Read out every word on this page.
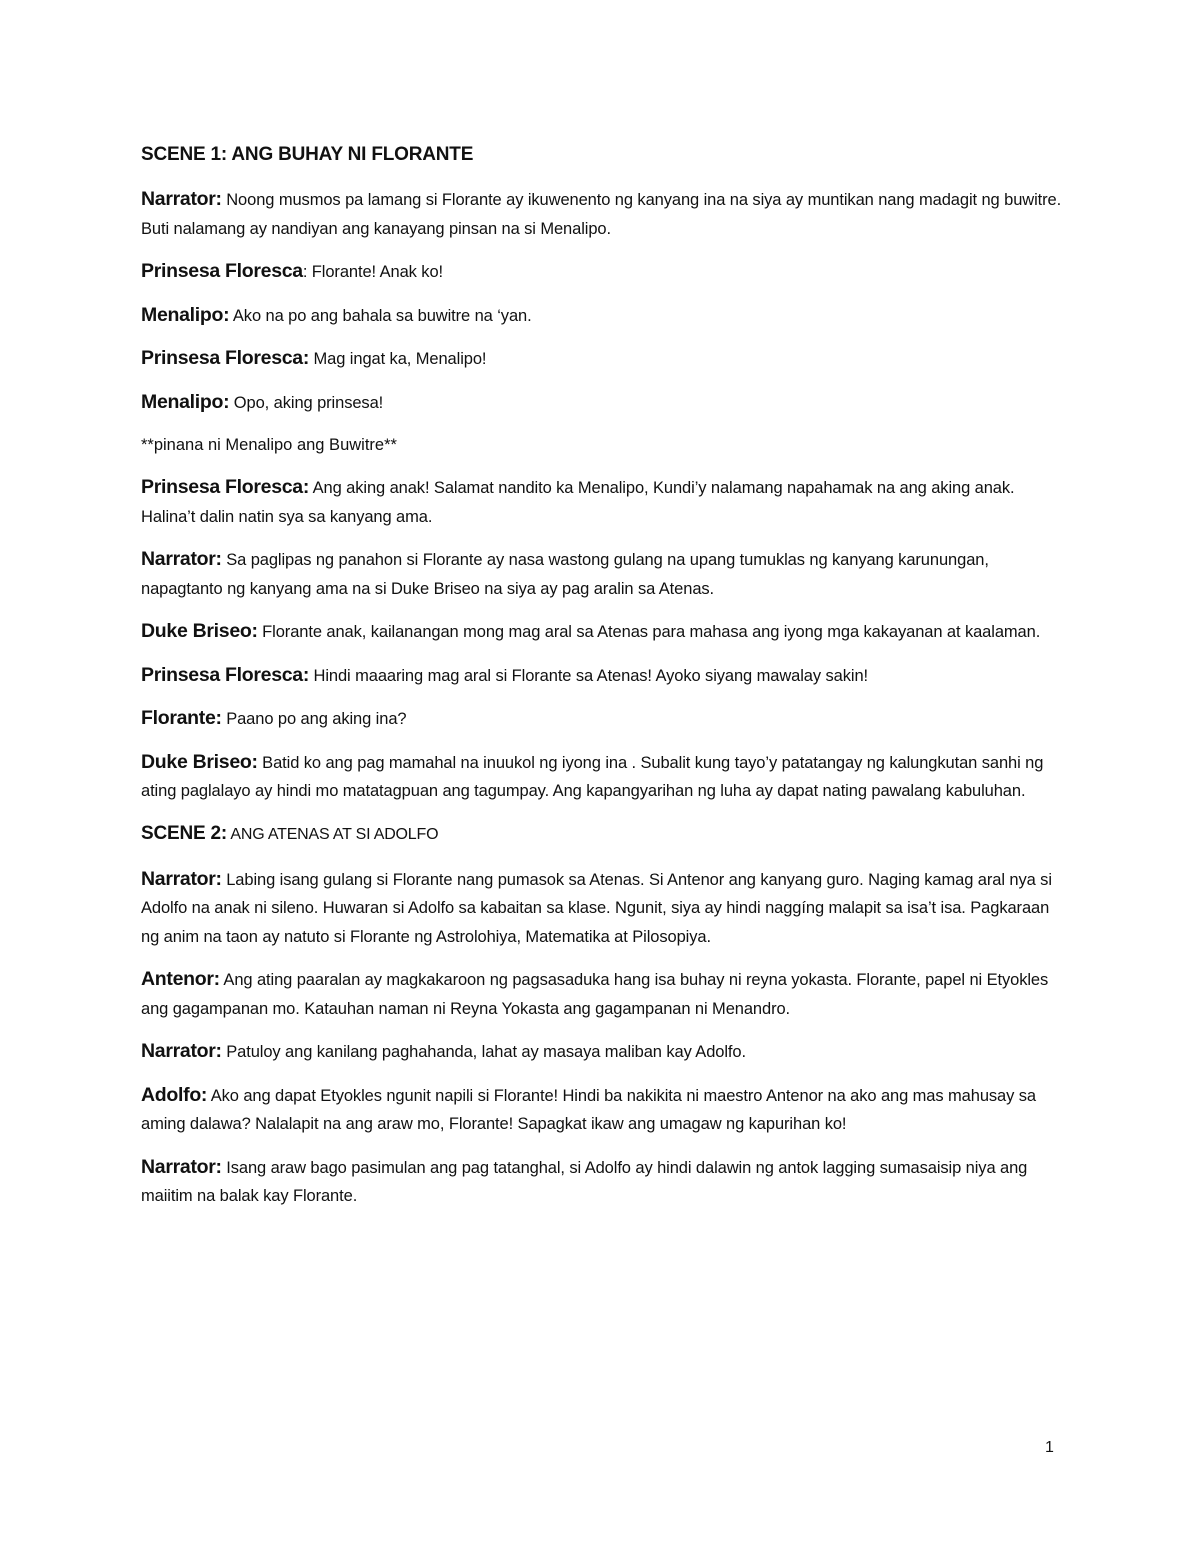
SCENE 1: ANG BUHAY NI FLORANTE

Narrator: Noong musmos pa lamang si Florante ay ikuwenento ng kanyang ina na siya ay muntikan nang madagit ng buwitre. Buti nalamang ay nandiyan ang kanayang pinsan na si Menalipo.

Prinsesa Floresca: Florante! Anak ko!

Menalipo: Ako na po ang bahala sa buwitre na ‘yan.

Prinsesa Floresca: Mag ingat ka, Menalipo!

Menalipo: Opo, aking prinsesa!

**pinana ni Menalipo ang Buwitre**

Prinsesa Floresca: Ang aking anak! Salamat nandito ka Menalipo, Kundi’y nalamang napahamak na ang aking anak. Halina’t dalin natin sya sa kanyang ama.

Narrator: Sa paglipas ng panahon si Florante ay nasa wastong gulang na upang tumuklas ng kanyang karunungan, napagtanto ng kanyang ama na si Duke Briseo na siya ay pag aralin sa Atenas.

Duke Briseo: Florante anak, kailanangan mong mag aral sa Atenas para mahasa ang iyong mga kakayanan at kaalaman.

Prinsesa Floresca: Hindi maaaring mag aral si Florante sa Atenas! Ayoko siyang mawalay sakin!

Florante: Paano po ang aking ina?

Duke Briseo: Batid ko ang pag mamahal na inuukol ng iyong ina . Subalit kung tayo’y patatangay ng kalungkutan sanhi ng ating paglalayo ay hindi mo matatagpuan ang tagumpay. Ang kapangyarihan ng luha ay dapat nating pawalang kabuluhan.

SCENE 2: ANG ATENAS AT SI ADOLFO

Narrator: Labing isang gulang si Florante nang pumasok sa Atenas. Si Antenor ang kanyang guro. Naging kamag aral nya si Adolfo na anak ni sileno. Huwaran si Adolfo sa kabaitan sa klase. Ngunit, siya ay hindi naggíng malapit sa isa’t isa. Pagkaraan ng anim na taon ay natuto si Florante ng Astrolohiya, Matematika at Pilosopiya.

Antenor: Ang ating paaralan ay magkakaroon ng pagsasaduka hang isa buhay ni reyna yokasta. Florante, papel ni Etyokles ang gagampanan mo. Katauhan naman ni Reyna Yokasta ang gagampanan ni Menandro.

Narrator: Patuloy ang kanilang paghahanda, lahat ay masaya maliban kay Adolfo.

Adolfo: Ako ang dapat Etyokles ngunit napili si Florante! Hindi ba nakikita ni maestro Antenor na ako ang mas mahusay sa aming dalawa? Nalalapit na ang araw mo, Florante! Sapagkat ikaw ang umagaw ng kapurihan ko!

Narrator: Isang araw bago pasimulan ang pag tatanghal, si Adolfo ay hindi dalawin ng antok lagging sumasaisip niya ang maiitim na balak kay Florante.

1
